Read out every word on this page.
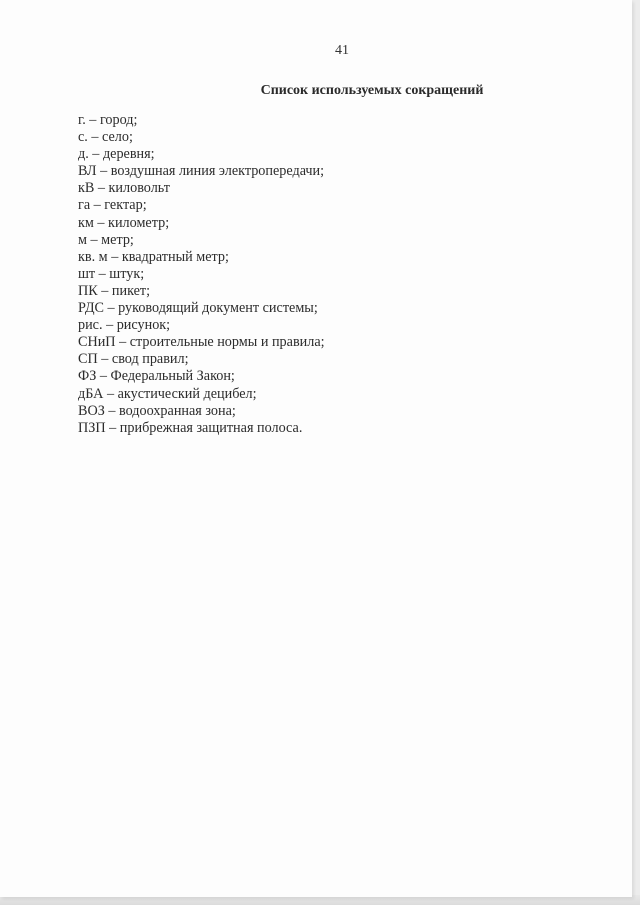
41
Список используемых сокращений
г. – город;
с. – село;
д. – деревня;
ВЛ – воздушная линия электропередачи;
кВ – киловольт
га – гектар;
км – километр;
м – метр;
кв. м – квадратный метр;
шт – штук;
ПК – пикет;
РДС – руководящий документ системы;
рис. – рисунок;
СНиП – строительные нормы и правила;
СП – свод правил;
ФЗ – Федеральный Закон;
дБА – акустический децибел;
ВОЗ – водоохранная зона;
ПЗП – прибрежная защитная полоса.
